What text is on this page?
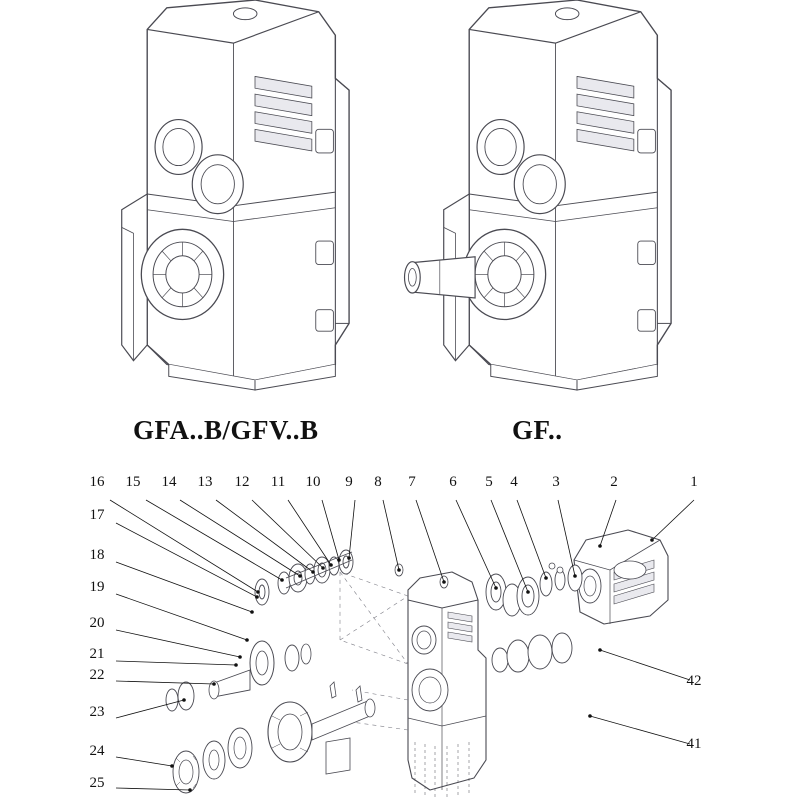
GFA..B/GFV..B	GF..
16	15	14	13	12	11	10	9	8	7	6	5	4	3	2	1
17
18
19
20
21
22
23
24
25
42
41
